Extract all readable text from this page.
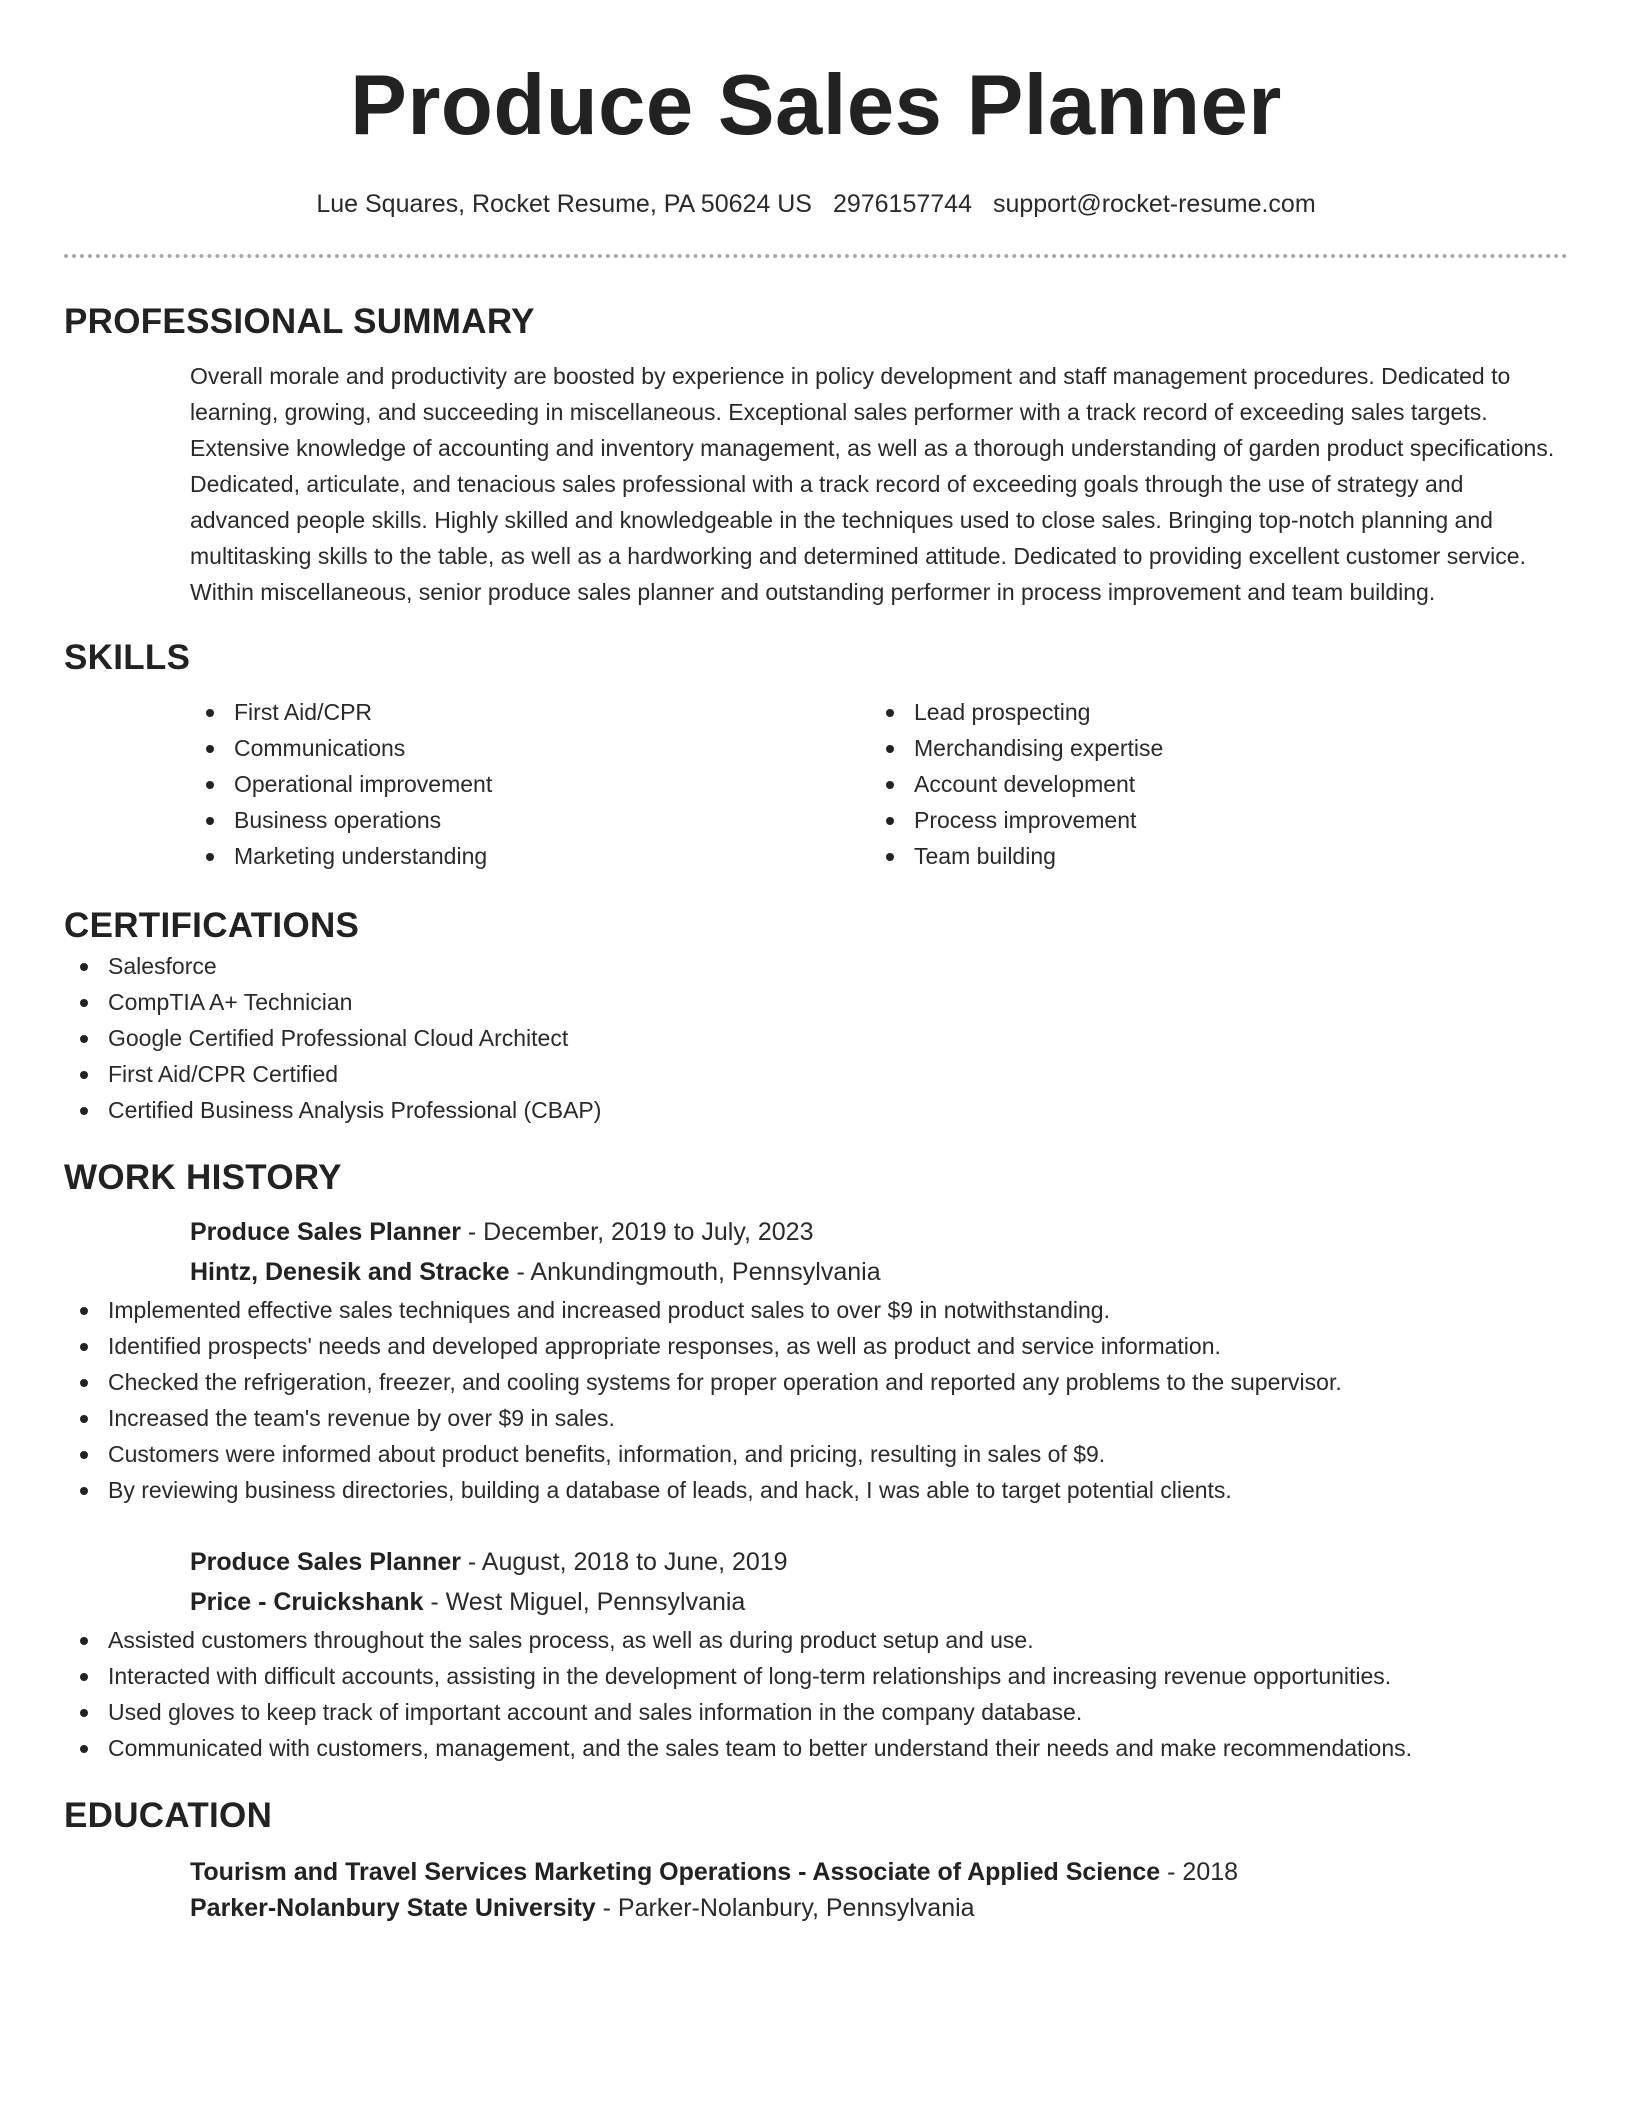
Produce Sales Planner
Lue Squares, Rocket Resume, PA 50624 US 2976157744 support@rocket-resume.com
PROFESSIONAL SUMMARY

Overall morale and productivity are boosted by experience in policy development and staff management procedures. Dedicated to learning, growing, and succeeding in miscellaneous. Exceptional sales performer with a track record of exceeding sales targets. Extensive knowledge of accounting and inventory management, as well as a thorough understanding of garden product specifications. Dedicated, articulate, and tenacious sales professional with a track record of exceeding goals through the use of strategy and advanced people skills. Highly skilled and knowledgeable in the techniques used to close sales. Bringing top-notch planning and multitasking skills to the table, as well as a hardworking and determined attitude. Dedicated to providing excellent customer service. Within miscellaneous, senior produce sales planner and outstanding performer in process improvement and team building.

SKILLS
First Aid/CPR
Communications
Operational improvement
Business operations
Marketing understanding
Lead prospecting
Merchandising expertise
Account development
Process improvement
Team building
CERTIFICATIONS
Salesforce
CompTIA A+ Technician
Google Certified Professional Cloud Architect
First Aid/CPR Certified
Certified Business Analysis Professional (CBAP)
WORK HISTORY
Produce Sales Planner - December, 2019 to July, 2023
Hintz, Denesik and Stracke - Ankundingmouth, Pennsylvania
Implemented effective sales techniques and increased product sales to over $9 in notwithstanding.
Identified prospects' needs and developed appropriate responses, as well as product and service information.
Checked the refrigeration, freezer, and cooling systems for proper operation and reported any problems to the supervisor.
Increased the team's revenue by over $9 in sales.
Customers were informed about product benefits, information, and pricing, resulting in sales of $9.
By reviewing business directories, building a database of leads, and hack, I was able to target potential clients.
Produce Sales Planner - August, 2018 to June, 2019
Price - Cruickshank - West Miguel, Pennsylvania
Assisted customers throughout the sales process, as well as during product setup and use.
Interacted with difficult accounts, assisting in the development of long-term relationships and increasing revenue opportunities.
Used gloves to keep track of important account and sales information in the company database.
Communicated with customers, management, and the sales team to better understand their needs and make recommendations.
EDUCATION
Tourism and Travel Services Marketing Operations - Associate of Applied Science - 2018
Parker-Nolanbury State University - Parker-Nolanbury, Pennsylvania
